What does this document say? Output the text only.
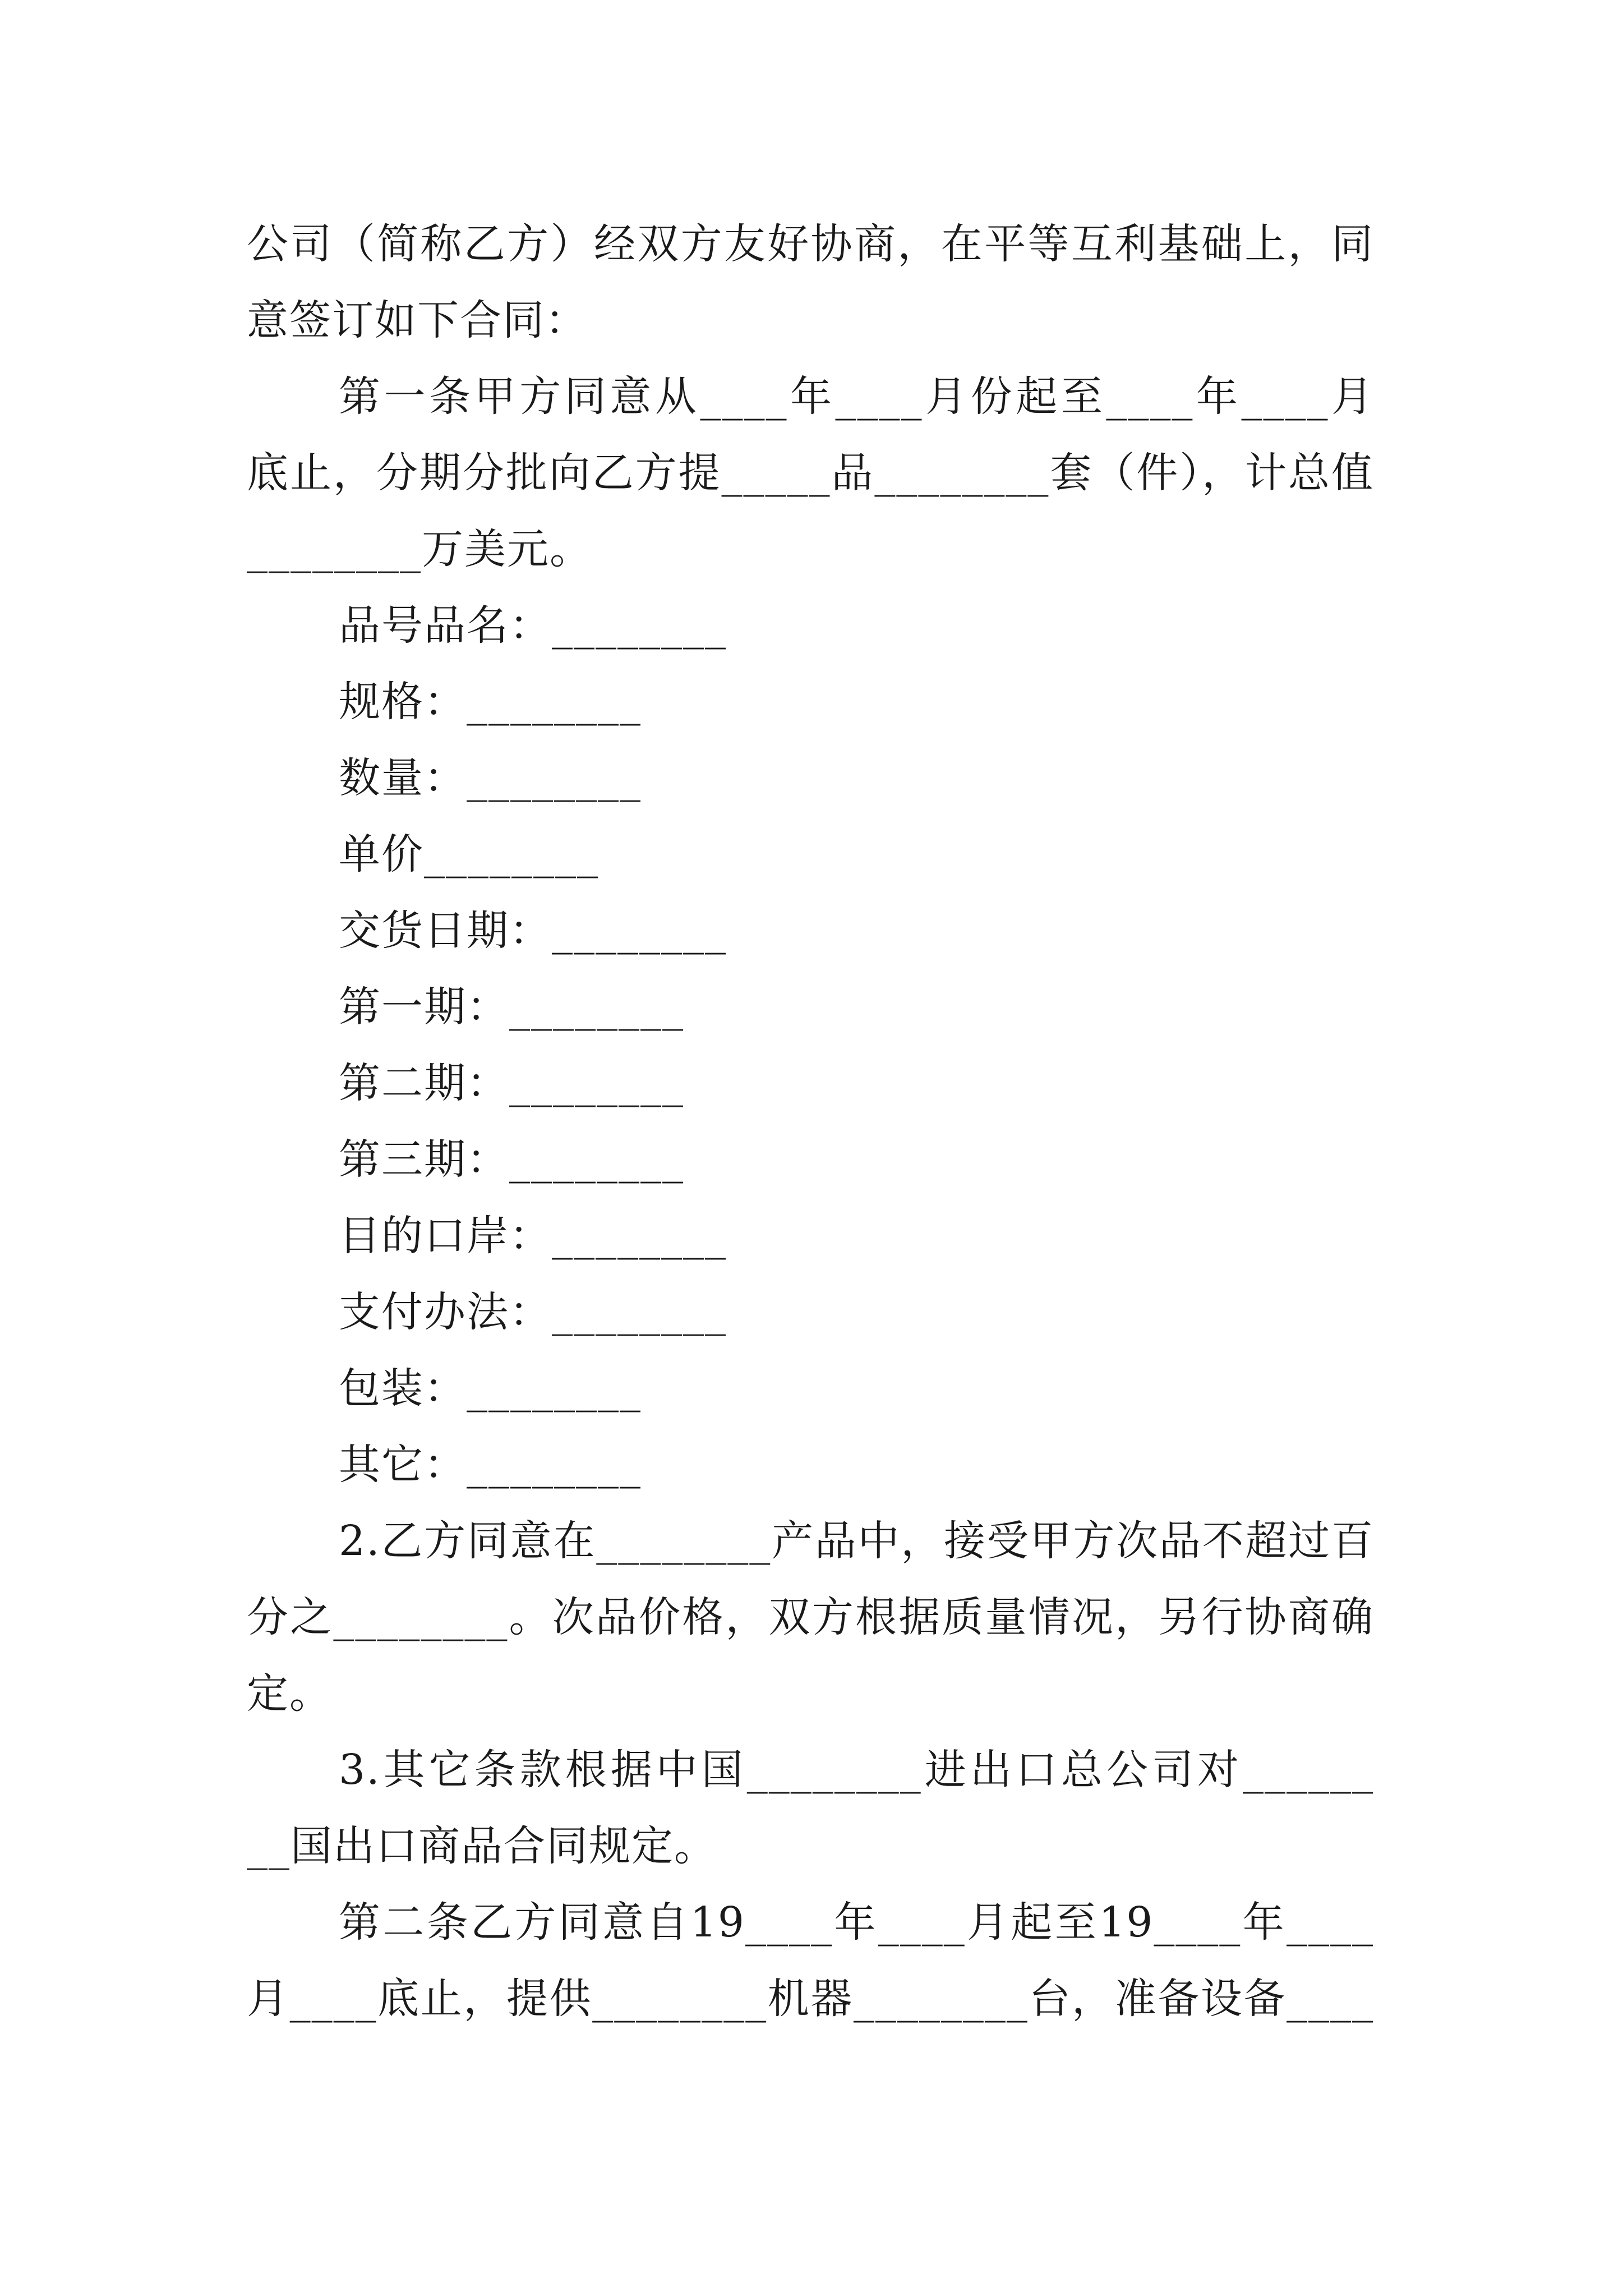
公司（简称乙方）经双方友好协商，在平等互利基础上，同
意签订如下合同：
第一条甲方同意从____年____月份起至____年____月
底止，分期分批向乙方提_____品________套（件），计总值
________万美元。
品号品名：________
规格：________
数量：________
单价________
交货日期：________
第一期：________
第二期：________
第三期：________
目的口岸：________
支付办法：________
包装：________
其它：________
2.乙方同意在________产品中，接受甲方次品不超过百
分之________。次品价格，双方根据质量情况，另行协商确
定。
3.其它条款根据中国________进出口总公司对______
__国出口商品合同规定。
第二条乙方同意自19____年____月起至19____年____
月____底止，提供________机器________台，准备设备____
